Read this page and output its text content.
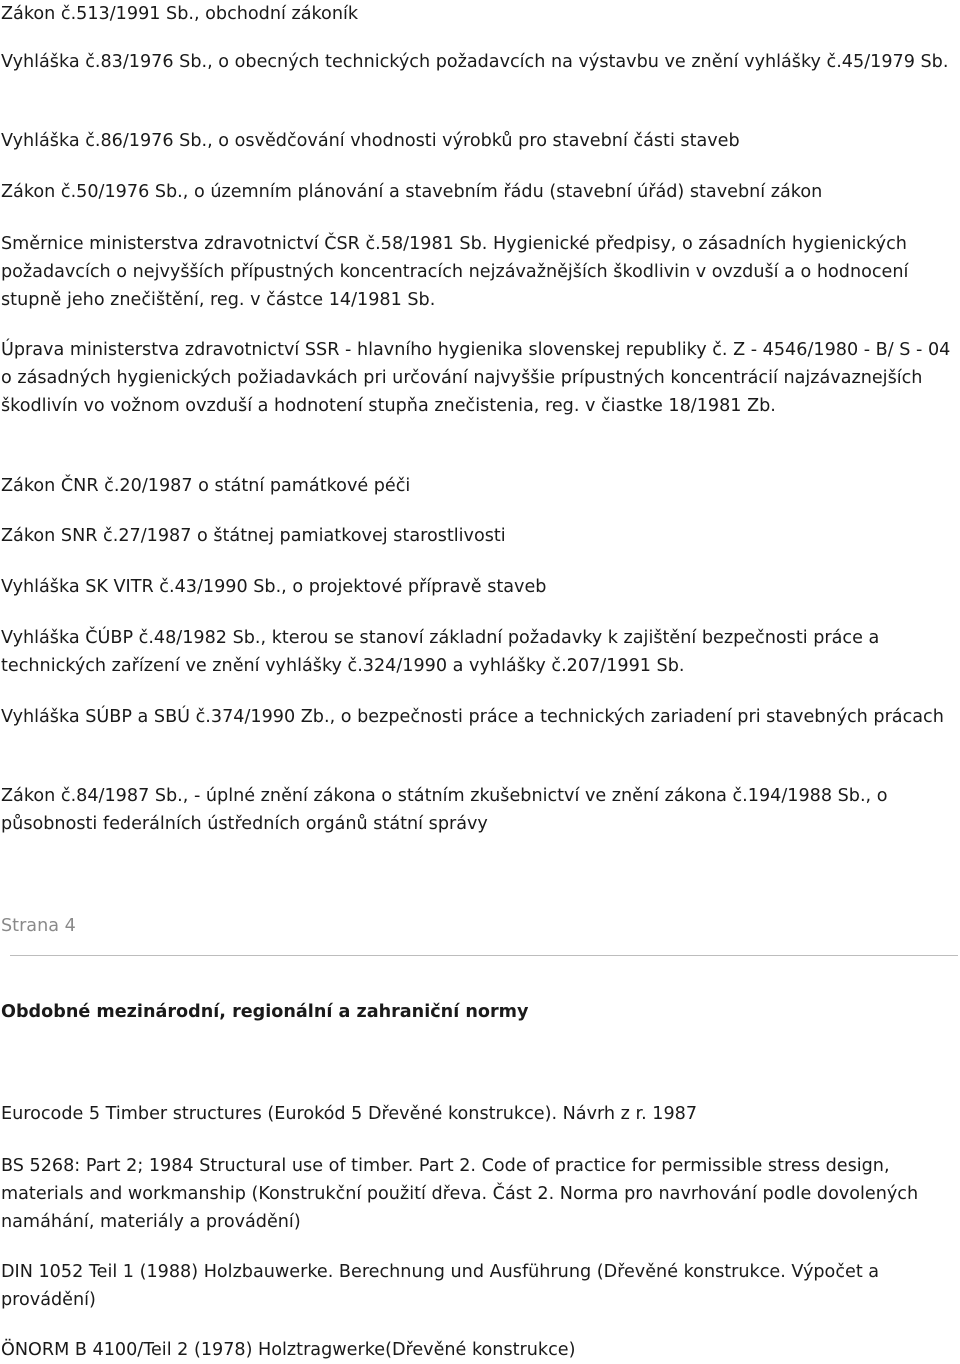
Zákon č.513/1991 Sb., obchodní zákoník

Vyhláška č.83/1976 Sb., o obecných technických požadavcích na výstavbu ve znění vyhlášky č.45/1979 Sb.

Vyhláška č.86/1976 Sb., o osvědčování vhodnosti výrobků pro stavební části staveb

Zákon č.50/1976 Sb., o územním plánování a stavebním řádu (stavební úřád) stavební zákon

Směrnice ministerstva zdravotnictví ČSR č.58/1981 Sb. Hygienické předpisy, o zásadních hygienických požadavcích o nejvyšších přípustných koncentracích nejzávažnějších škodlivin v ovzduší a o hodnocení stupně jeho znečištění, reg. v částce 14/1981 Sb.

Úprava ministerstva zdravotnictví SSR - hlavního hygienika slovenskej republiky č. Z - 4546/1980 - B/ S - 04 o zásadných hygienických požiadavkách pri určování najvyššie prípustných koncentrácií najzávaznejších škodlivín vo vožnom ovzduší a hodnotení stupňa znečistenia, reg. v čiastke 18/1981 Zb.

Zákon ČNR č.20/1987 o státní památkové péči

Zákon SNR č.27/1987 o štátnej pamiatkovej starostlivosti

Vyhláška SK VITR č.43/1990 Sb., o projektové přípravě staveb

Vyhláška ČÚBP č.48/1982 Sb., kterou se stanoví základní požadavky k zajištění bezpečnosti práce a technických zařízení ve znění vyhlášky č.324/1990 a vyhlášky č.207/1991 Sb.

Vyhláška SÚBP a SBÚ č.374/1990 Zb., o bezpečnosti práce a technických zariadení pri stavebných prácach

Zákon č.84/1987 Sb., - úplné znění zákona o státním zkušebnictví ve znění zákona č.194/1988 Sb., o působnosti federálních ústředních orgánů státní správy

Strana 4

Obdobné mezinárodní, regionální a zahraniční normy

Eurocode 5 Timber structures (Eurokód 5 Dřevěné konstrukce). Návrh z r. 1987

BS 5268: Part 2; 1984 Structural use of timber. Part 2. Code of practice for permissible stress design, materials and workmanship (Konstrukční použití dřeva. Část 2. Norma pro navrhování podle dovolených namáhání, materiály a provádění)

DIN 1052 Teil 1 (1988) Holzbauwerke. Berechnung und Ausführung (Dřevěné konstrukce. Výpočet a provádění)

ÖNORM B 4100/Teil 2 (1978) Holztragwerke(Dřevěné konstrukce)
